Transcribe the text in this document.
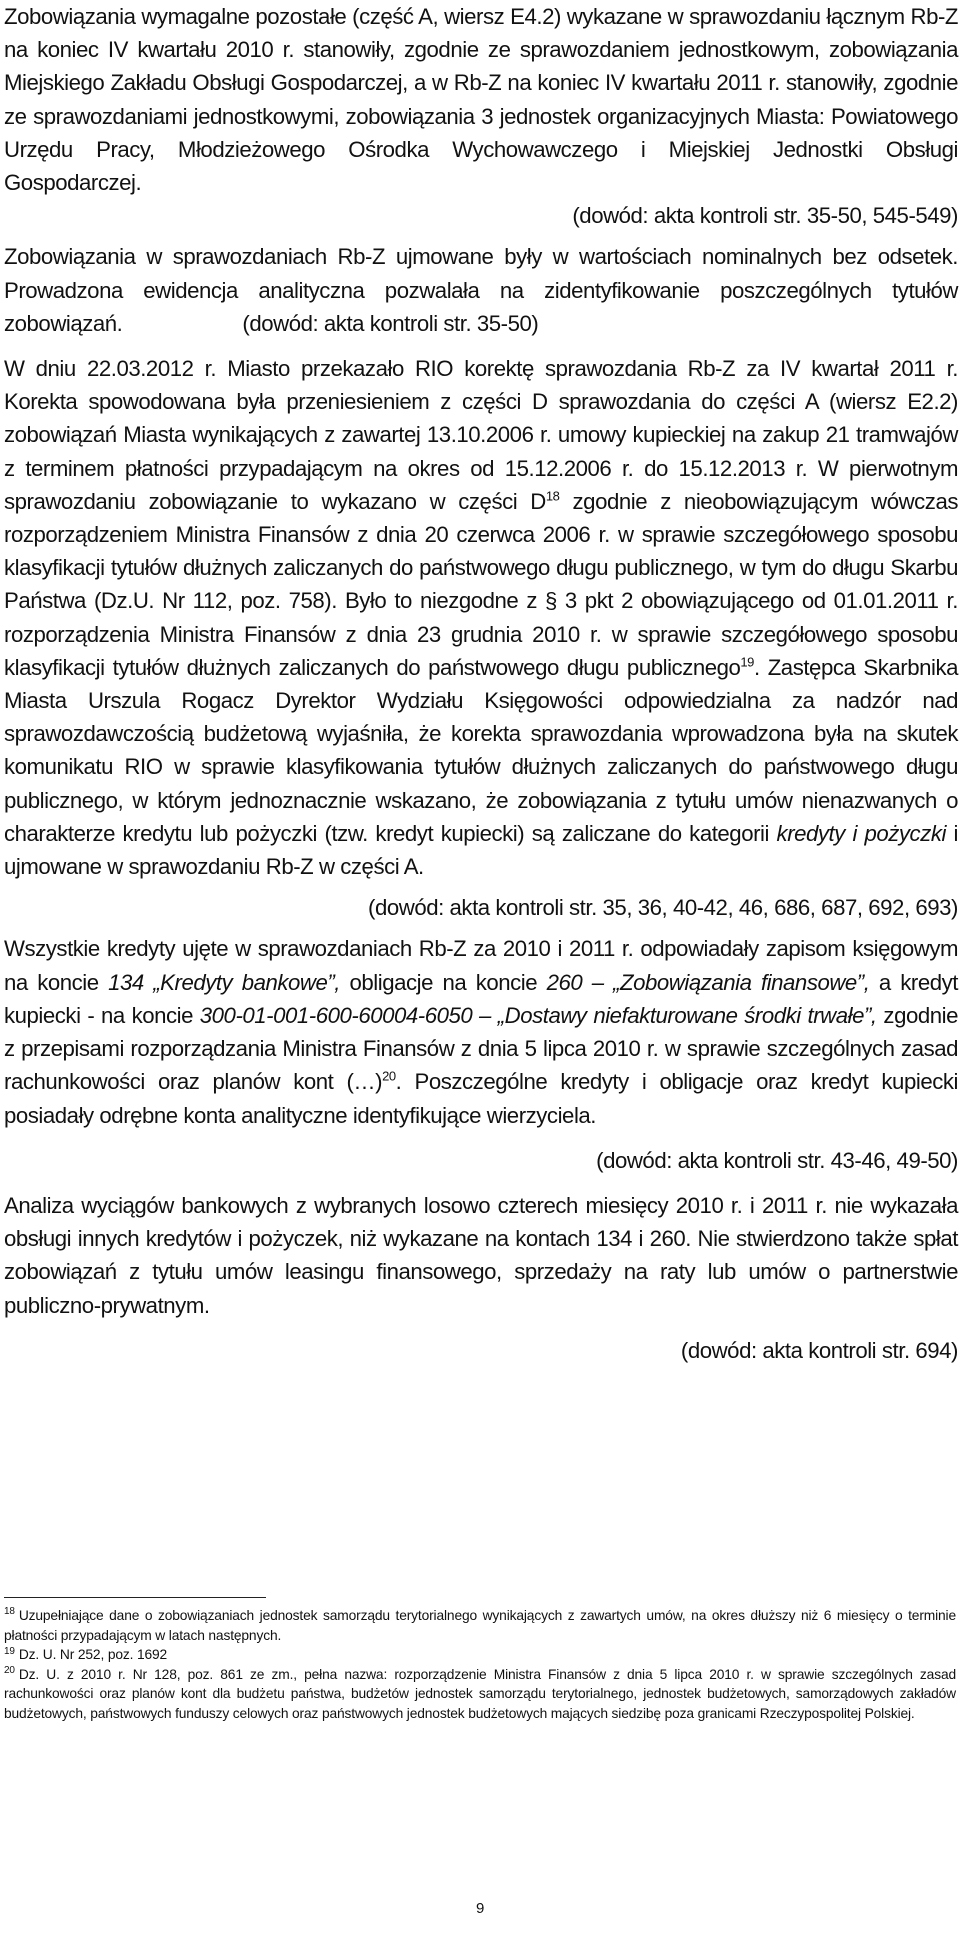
Zobowiązania wymagalne pozostałe (część A, wiersz E4.2) wykazane w sprawozdaniu łącznym Rb-Z na koniec IV kwartału 2010 r. stanowiły, zgodnie ze sprawozdaniem jednostkowym, zobowiązania Miejskiego Zakładu Obsługi Gospodarczej, a w Rb-Z na koniec IV kwartału 2011 r. stanowiły, zgodnie ze sprawozdaniami jednostkowymi, zobowiązania 3 jednostek organizacyjnych Miasta: Powiatowego Urzędu Pracy, Młodzieżowego Ośrodka Wychowawczego i Miejskiej Jednostki Obsługi Gospodarczej.

(dowód: akta kontroli str. 35-50, 545-549)

Zobowiązania w sprawozdaniach Rb-Z ujmowane były w wartościach nominalnych bez odsetek. Prowadzona ewidencja analityczna pozwalała na zidentyfikowanie poszczególnych tytułów zobowiązań.	(dowód: akta kontroli str. 35-50)

W dniu 22.03.2012 r. Miasto przekazało RIO korektę sprawozdania Rb-Z za IV kwartał 2011 r. Korekta spowodowana była przeniesieniem z części D sprawozdania do części A (wiersz E2.2) zobowiązań Miasta wynikających z zawartej 13.10.2006 r. umowy kupieckiej na zakup 21 tramwajów z terminem płatności przypadającym na okres od 15.12.2006 r. do 15.12.2013 r. W pierwotnym sprawozdaniu zobowiązanie to wykazano w części $D^{18}$ zgodnie z nieobowiązującym wówczas rozporządzeniem Ministra Finansów z dnia 20 czerwca 2006 r. w sprawie szczegółowego sposobu klasyfikacji tytułów dłużnych zaliczanych do państwowego długu publicznego, w tym do długu Skarbu Państwa (Dz.U. Nr 112, poz. 758). Było to niezgodne z § 3 pkt 2 obowiązującego od 01.01.2011 r. rozporządzenia Ministra Finansów z dnia 23 grudnia 2010 r. w sprawie szczegółowego sposobu klasyfikacji tytułów dłużnych zaliczanych do państwowego długu publicznego$^{19}$. Zastępca Skarbnika Miasta Urszula Rogacz Dyrektor Wydziału Księgowości odpowiedzialna za nadzór nad sprawozdawczością budżetową wyjaśniła, że korekta sprawozdania wprowadzona była na skutek komunikatu RIO w sprawie klasyfikowania tytułów dłużnych zaliczanych do państwowego długu publicznego, w którym jednoznacznie wskazano, że zobowiązania z tytułu umów nienazwanych o charakterze kredytu lub pożyczki (tzw. kredyt kupiecki) są zaliczane do kategorii kredyty i pożyczki i ujmowane w sprawozdaniu Rb-Z w części A.

(dowód: akta kontroli str. 35, 36, 40-42, 46, 686, 687, 692, 693)

Wszystkie kredyty ujęte w sprawozdaniach Rb-Z za 2010 i 2011 r. odpowiadały zapisom księgowym na koncie 134 „Kredyty bankowe”, obligacje na koncie 260 – „Zobowiązania finansowe”, a kredyt kupiecki - na koncie 300-01-001-600-60004-6050 – „Dostawy niefakturowane środki trwałe”, zgodnie z przepisami rozporządzania Ministra Finansów z dnia 5 lipca 2010 r. w sprawie szczególnych zasad rachunkowości oraz planów kont (…)$^{20}$. Poszczególne kredyty i obligacje oraz kredyt kupiecki posiadały odrębne konta analityczne identyfikujące wierzyciela.

(dowód: akta kontroli str. 43-46, 49-50)

Analiza wyciągów bankowych z wybranych losowo czterech miesięcy 2010 r. i 2011 r. nie wykazała obsługi innych kredytów i pożyczek, niż wykazane na kontach 134 i 260. Nie stwierdzono także spłat zobowiązań z tytułu umów leasingu finansowego, sprzedaży na raty lub umów o partnerstwie publiczno-prywatnym.

(dowód: akta kontroli str. 694)

$^{18}$ Uzupełniające dane o zobowiązaniach jednostek samorządu terytorialnego wynikających z zawartych umów, na okres dłuższy niż 6 miesięcy o terminie płatności przypadającym w latach następnych.

$^{19}$ Dz. U. Nr 252, poz. 1692

$^{20}$ Dz. U. z 2010 r. Nr 128, poz. 861 ze zm., pełna nazwa: rozporządzenie Ministra Finansów z dnia 5 lipca 2010 r. w sprawie szczególnych zasad rachunkowości oraz planów kont dla budżetu państwa, budżetów jednostek samorządu terytorialnego, jednostek budżetowych, samorządowych zakładów budżetowych, państwowych funduszy celowych oraz państwowych jednostek budżetowych mających siedzibę poza granicami Rzeczypospolitej Polskiej.

9
